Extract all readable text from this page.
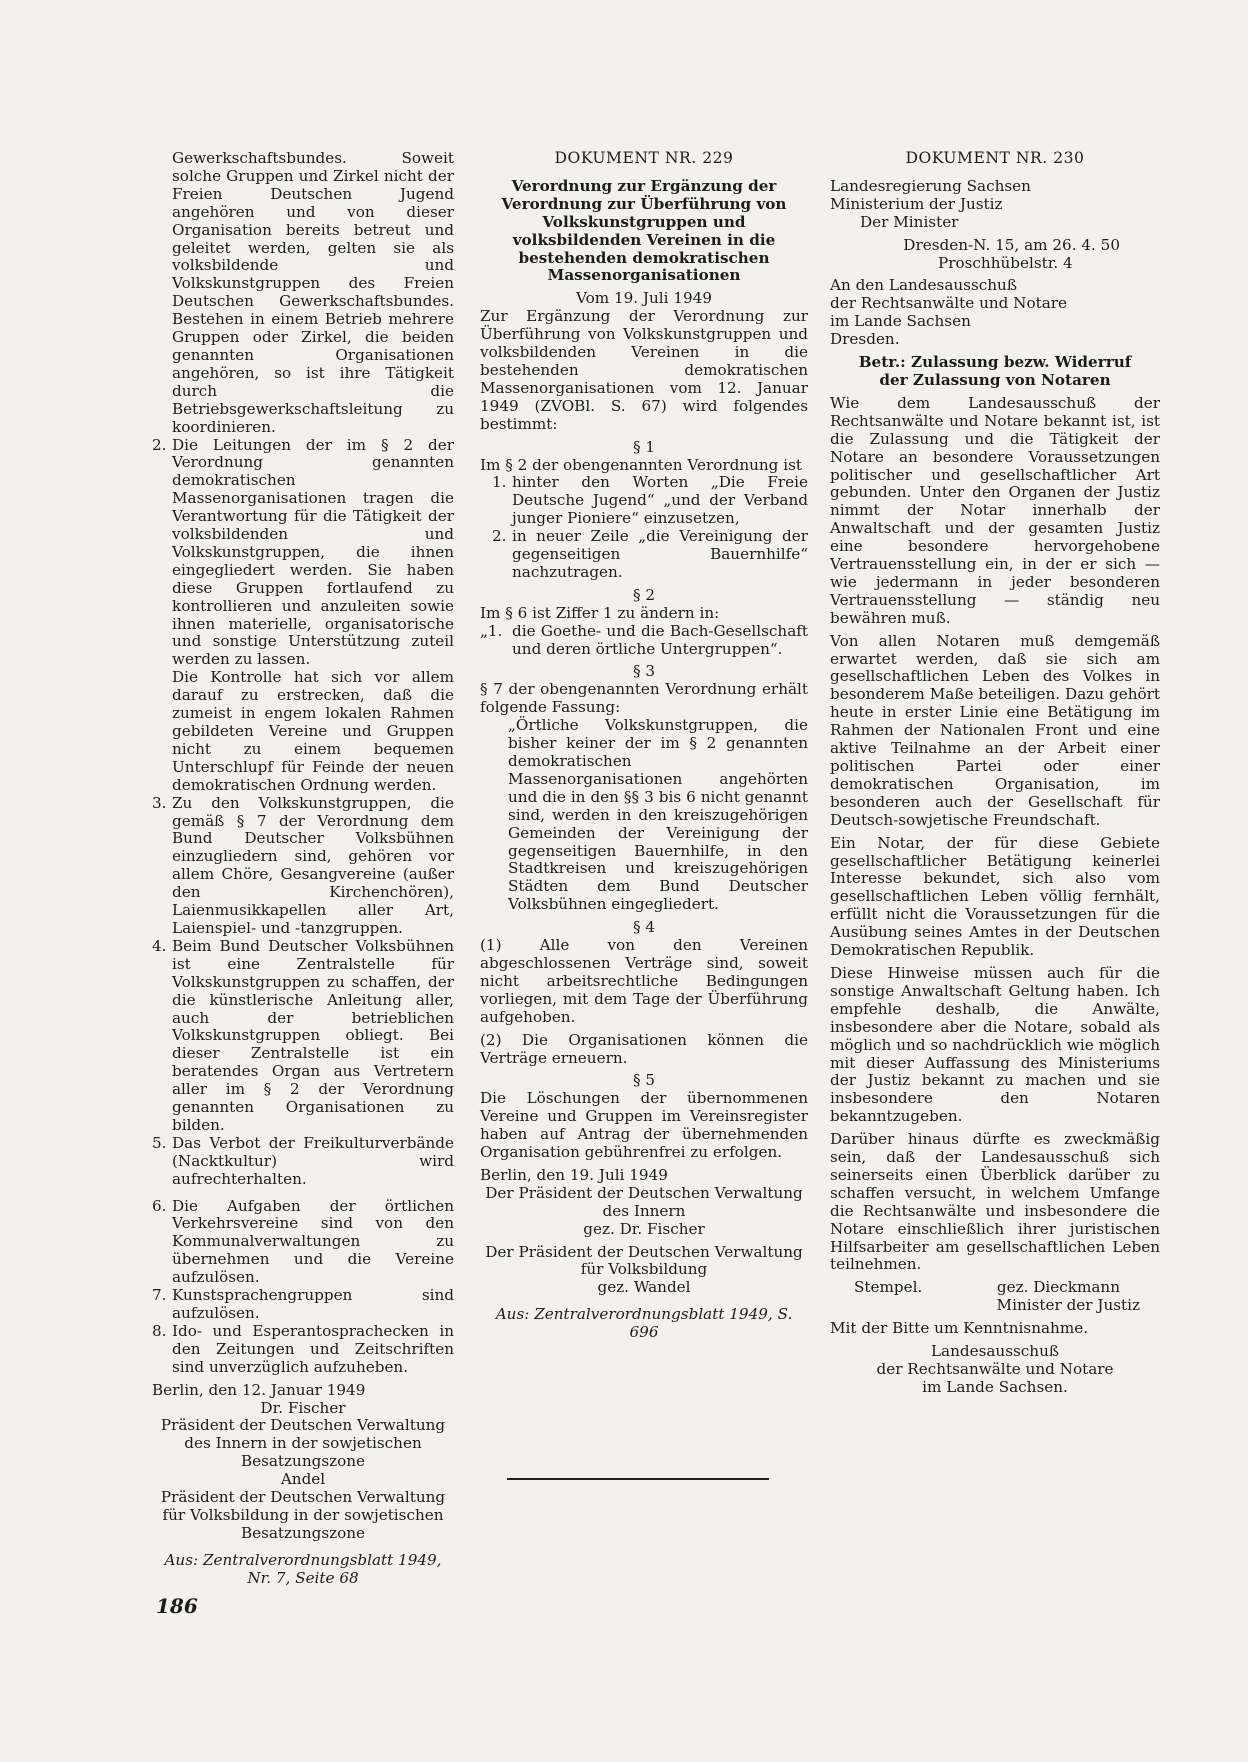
Gewerkschaftsbundes. Soweit solche Gruppen und Zirkel nicht der Freien Deutschen Jugend angehören und von dieser Organisation bereits betreut und geleitet werden, gelten sie als volksbildende und Volkskunstgruppen des Freien Deutschen Gewerkschaftsbundes. Bestehen in einem Betrieb mehrere Gruppen oder Zirkel, die beiden genannten Organisationen angehören, so ist ihre Tätigkeit durch die Betriebsgewerkschaftsleitung zu koordinieren.

2. Die Leitungen der im § 2 der Verordnung genannten demokratischen Massenorganisationen tragen die Verantwortung für die Tätigkeit der volksbildenden und Volkskunstgruppen, die ihnen eingegliedert werden. Sie haben diese Gruppen fortlaufend zu kontrollieren und anzuleiten sowie ihnen materielle, organisatorische und sonstige Unterstützung zuteil werden zu lassen.
Die Kontrolle hat sich vor allem darauf zu erstrecken, daß die zumeist in engem lokalen Rahmen gebildeten Vereine und Gruppen nicht zu einem bequemen Unterschlupf für Feinde der neuen demokratischen Ordnung werden.
3. Zu den Volkskunstgruppen, die gemäß § 7 der Verordnung dem Bund Deutscher Volksbühnen einzugliedern sind, gehören vor allem Chöre, Gesangvereine (außer den Kirchenchören), Laienmusikkapellen aller Art, Laienspiel- und -tanzgruppen.
4. Beim Bund Deutscher Volksbühnen ist eine Zentralstelle für Volkskunstgruppen zu schaffen, der die künstlerische Anleitung aller, auch der betrieblichen Volkskunstgruppen obliegt. Bei dieser Zentralstelle ist ein beratendes Organ aus Vertretern aller im § 2 der Verordnung genannten Organisationen zu bilden.
5. Das Verbot der Freikulturverbände (Nacktkultur) wird aufrechterhalten.
6. Die Aufgaben der örtlichen Verkehrsvereine sind von den Kommunalverwaltungen zu übernehmen und die Vereine aufzulösen.
7. Kunstsprachengruppen sind aufzulösen.
8. Ido- und Esperantosprachecken in den Zeitungen und Zeitschriften sind unverzüglich aufzuheben.

Berlin, den 12. Januar 1949

Dr. Fischer

Präsident der Deutschen Verwaltung des Innern in der sowjetischen Besatzungszone

Andel

Präsident der Deutschen Verwaltung für Volksbildung in der sowjetischen Besatzungszone

Aus: Zentralverordnungsblatt 1949, Nr. 7, Seite 68

DOKUMENT NR. 229

Verordnung zur Ergänzung der Verordnung zur Überführung von Volkskunstgruppen und volksbildenden Vereinen in die bestehenden demokratischen Massenorganisationen

Vom 19. Juli 1949

Zur Ergänzung der Verordnung zur Überführung von Volkskunstgruppen und volksbildenden Vereinen in die bestehenden demokratischen Massenorganisationen vom 12. Januar 1949 (ZVOBl. S. 67) wird folgendes bestimmt:

§ 1

Im § 2 der obengenannten Verordnung ist

1. hinter den Worten „Die Freie Deutsche Jugend“ „und der Verband junger Pioniere“ einzusetzen,
2. in neuer Zeile „die Vereinigung der gegenseitigen Bauernhilfe“ nachzutragen.

§ 2

Im § 6 ist Ziffer 1 zu ändern in:

„1. die Goethe- und die Bach-Gesellschaft und deren örtliche Untergruppen“.

§ 3

§ 7 der obengenannten Verordnung erhält folgende Fassung:

„Örtliche Volkskunstgruppen, die bisher keiner der im § 2 genannten demokratischen Massenorganisationen angehörten und die in den §§ 3 bis 6 nicht genannt sind, werden in den kreiszugehörigen Gemeinden der Vereinigung der gegenseitigen Bauernhilfe, in den Stadtkreisen und kreiszugehörigen Städten dem Bund Deutscher Volksbühnen eingegliedert.

§ 4

(1) Alle von den Vereinen abgeschlossenen Verträge sind, soweit nicht arbeitsrechtliche Bedingungen vorliegen, mit dem Tage der Überführung aufgehoben.

(2) Die Organisationen können die Verträge erneuern.

§ 5

Die Löschungen der übernommenen Vereine und Gruppen im Vereinsregister haben auf Antrag der übernehmenden Organisation gebührenfrei zu erfolgen.

Berlin, den 19. Juli 1949

Der Präsident der Deutschen Verwaltung des Innern

gez. Dr. Fischer

Der Präsident der Deutschen Verwaltung für Volksbildung

gez. Wandel

Aus: Zentralverordnungsblatt 1949, S. 696

DOKUMENT NR. 230

Landesregierung Sachsen

Ministerium der Justiz

Der Minister

Dresden-N. 15, am 26. 4. 50

Proschhübelstr. 4

An den Landesausschuß

der Rechtsanwälte und Notare

im Lande Sachsen

Dresden.

Betr.: Zulassung bezw. Widerruf der Zulassung von Notaren

Wie dem Landesausschuß der Rechtsanwälte und Notare bekannt ist, ist die Zulassung und die Tätigkeit der Notare an besondere Voraussetzungen politischer und gesellschaftlicher Art gebunden. Unter den Organen der Justiz nimmt der Notar innerhalb der Anwaltschaft und der gesamten Justiz eine besondere hervorgehobene Vertrauensstellung ein, in der er sich — wie jedermann in jeder besonderen Vertrauensstellung — ständig neu bewähren muß.

Von allen Notaren muß demgemäß erwartet werden, daß sie sich am gesellschaftlichen Leben des Volkes in besonderem Maße beteiligen. Dazu gehört heute in erster Linie eine Betätigung im Rahmen der Nationalen Front und eine aktive Teilnahme an der Arbeit einer politischen Partei oder einer demokratischen Organisation, im besonderen auch der Gesellschaft für Deutsch-sowjetische Freundschaft.

Ein Notar, der für diese Gebiete gesellschaftlicher Betätigung keinerlei Interesse bekundet, sich also vom gesellschaftlichen Leben völlig fernhält, erfüllt nicht die Voraussetzungen für die Ausübung seines Amtes in der Deutschen Demokratischen Republik.

Diese Hinweise müssen auch für die sonstige Anwaltschaft Geltung haben. Ich empfehle deshalb, die Anwälte, insbesondere aber die Notare, sobald als möglich und so nachdrücklich wie möglich mit dieser Auffassung des Ministeriums der Justiz bekannt zu machen und sie insbesondere den Notaren bekanntzugeben.

Darüber hinaus dürfte es zweckmäßig sein, daß der Landesausschuß sich seinerseits einen Überblick darüber zu schaffen versucht, in welchem Umfange die Rechtsanwälte und insbesondere die Notare einschließlich ihrer juristischen Hilfsarbeiter am gesellschaftlichen Leben teilnehmen.

Stempel.	gez. Dieckmann

Minister der Justiz

Mit der Bitte um Kenntnisnahme.

Landesausschuß

der Rechtsanwälte und Notare

im Lande Sachsen.

186
